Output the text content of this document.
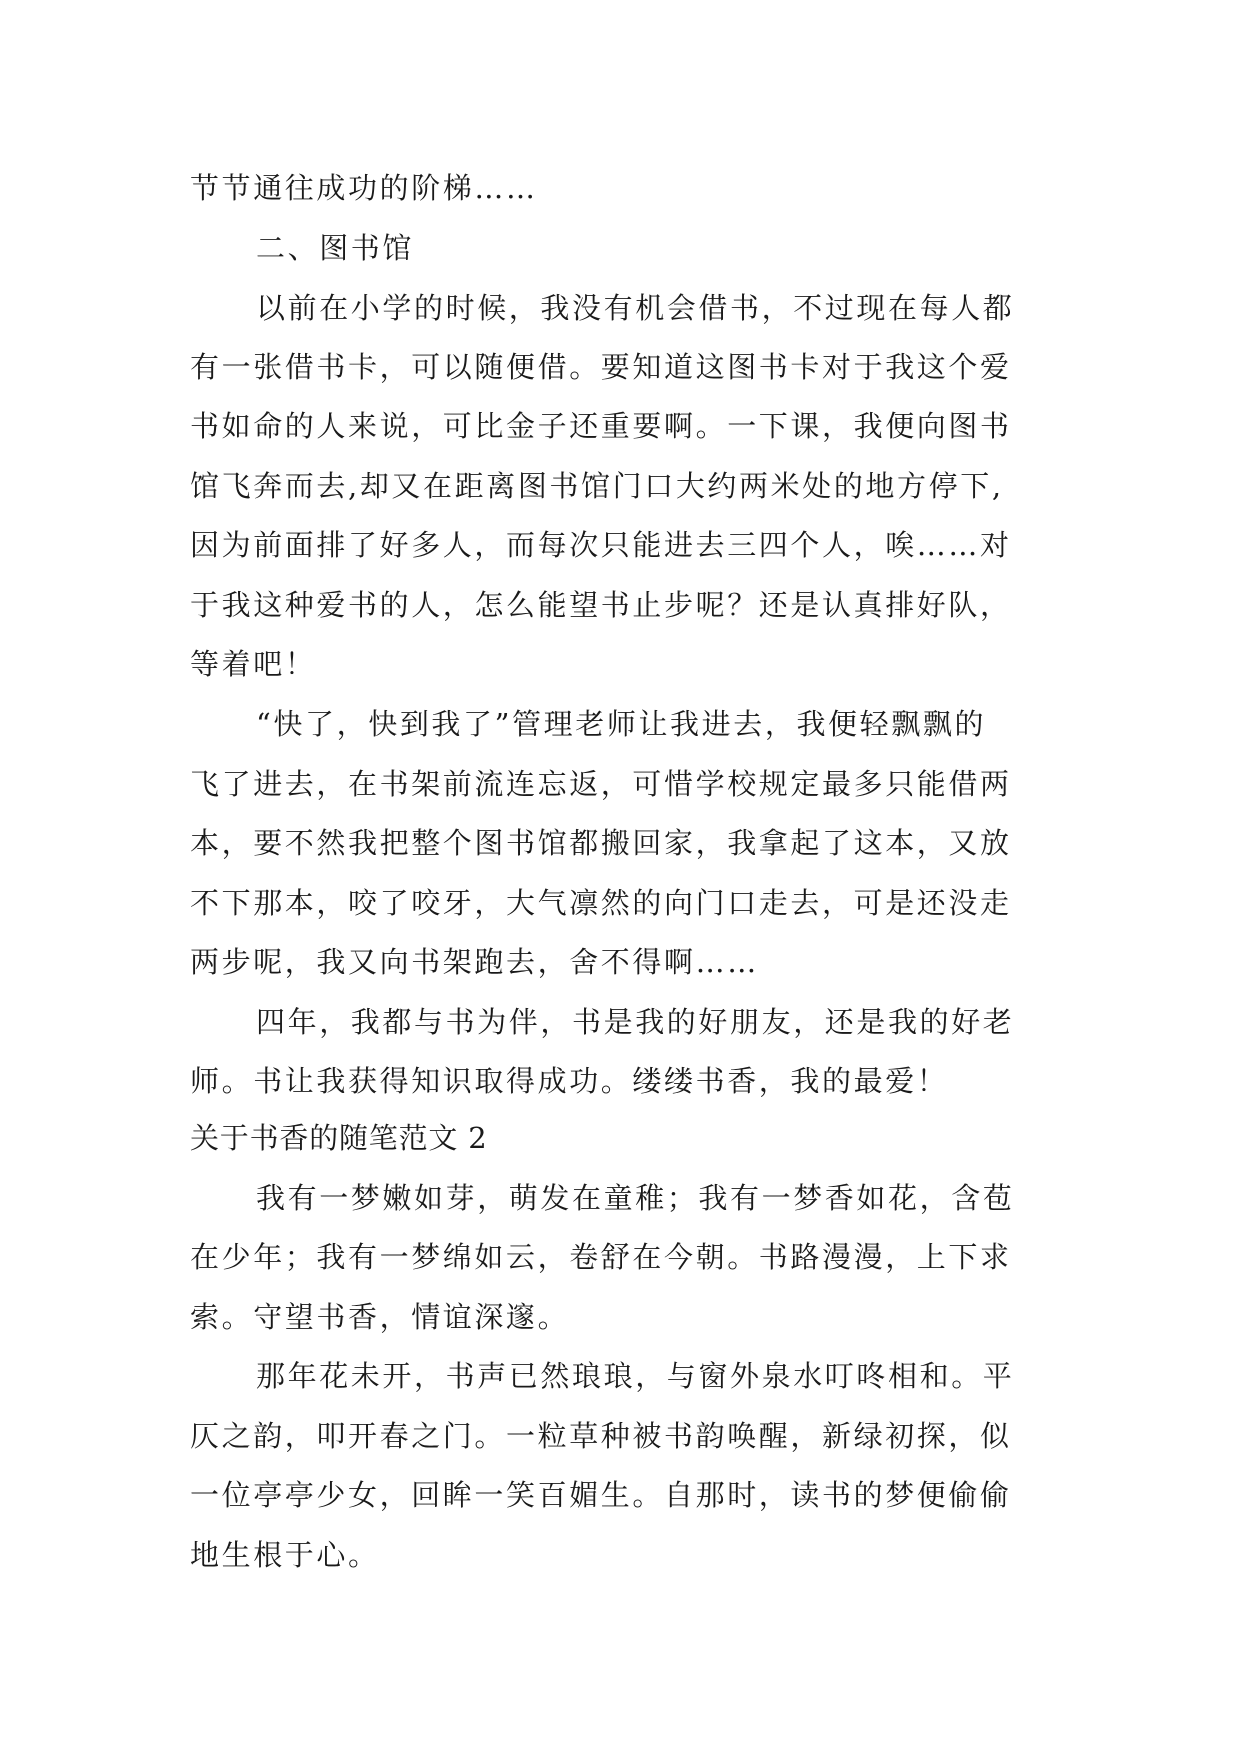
节节通往成功的阶梯……
二、图书馆
以前在小学的时候，我没有机会借书，不过现在每人都
有一张借书卡，可以随便借。要知道这图书卡对于我这个爱
书如命的人来说，可比金子还重要啊。一下课，我便向图书
馆飞奔而去,却又在距离图书馆门口大约两米处的地方停下,
因为前面排了好多人，而每次只能进去三四个人，唉……对
于我这种爱书的人，怎么能望书止步呢？还是认真排好队，
等着吧！
“快了，快到我了”管理老师让我进去，我便轻飘飘的
飞了进去，在书架前流连忘返，可惜学校规定最多只能借两
本，要不然我把整个图书馆都搬回家，我拿起了这本，又放
不下那本，咬了咬牙，大气凛然的向门口走去，可是还没走
两步呢，我又向书架跑去，舍不得啊……
四年，我都与书为伴，书是我的好朋友，还是我的好老
师。书让我获得知识取得成功。缕缕书香，我的最爱！
关于书香的随笔范文 2
我有一梦嫩如芽，萌发在童稚；我有一梦香如花，含苞
在少年；我有一梦绵如云，卷舒在今朝。书路漫漫，上下求
索。守望书香，情谊深邃。
那年花未开，书声已然琅琅，与窗外泉水叮咚相和。平
仄之韵，叩开春之门。一粒草种被书韵唤醒，新绿初探，似
一位亭亭少女，回眸一笑百媚生。自那时，读书的梦便偷偷
地生根于心。
